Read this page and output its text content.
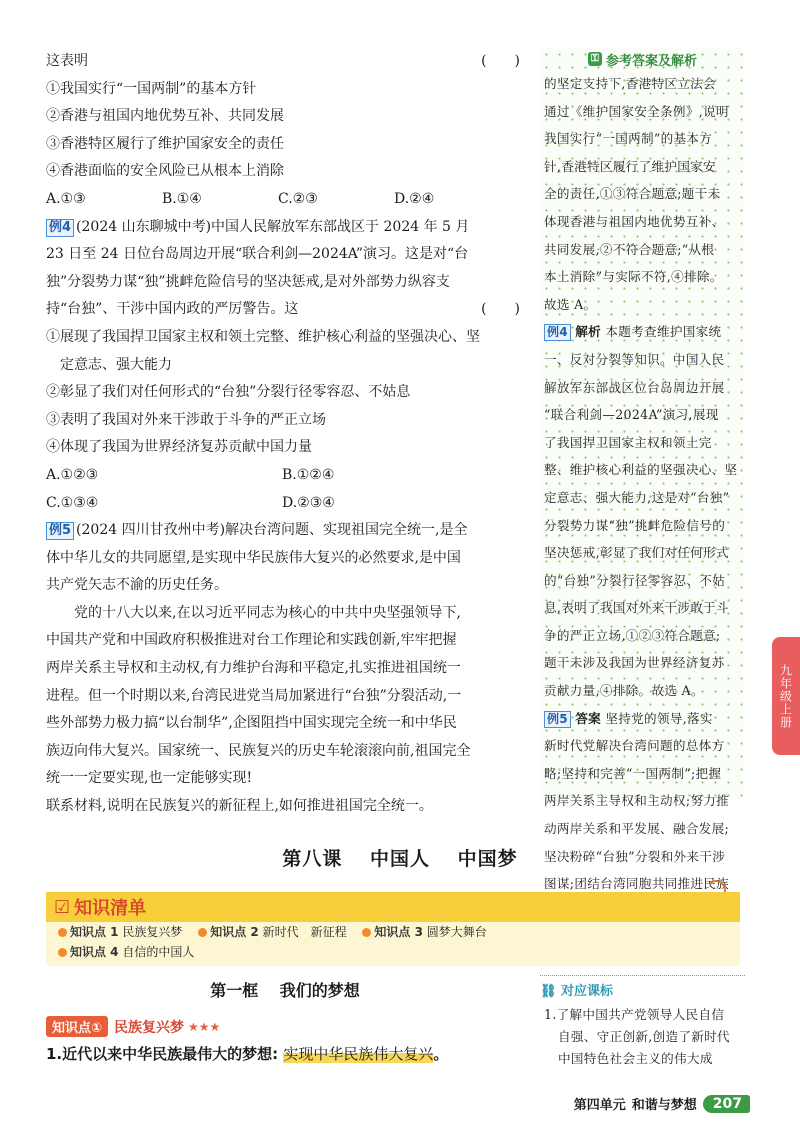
这表明	(　　)
①我国实行“一国两制”的基本方针
②香港与祖国内地优势互补、共同发展
③香港特区履行了维护国家安全的责任
④香港面临的安全风险已从根本上消除
A.①③	B.①④	C.②③	D.②④
例4 (2024 山东聊城中考)中国人民解放军东部战区于 2024 年 5 月
23 日至 24 日位台岛周边开展“联合利剑—2024A”演习。这是对“台
独”分裂势力谋“独”挑衅危险信号的坚决惩戒,是对外部势力纵容支
持“台独”、干涉中国内政的严厉警告。这	(　　)
①展现了我国捍卫国家主权和领土完整、维护核心利益的坚强决心、坚
定意志、强大能力
②彰显了我们对任何形式的“台独”分裂行径零容忍、不姑息
③表明了我国对外来干涉敢于斗争的严正立场
④体现了我国为世界经济复苏贡献中国力量
A.①②③	B.①②④
C.①③④	D.②③④
例5 (2024 四川甘孜州中考)解决台湾问题、实现祖国完全统一,是全
体中华儿女的共同愿望,是实现中华民族伟大复兴的必然要求,是中国
共产党矢志不渝的历史任务。
党的十八大以来,在以习近平同志为核心的中共中央坚强领导下,
中国共产党和中国政府积极推进对台工作理论和实践创新,牢牢把握
两岸关系主导权和主动权,有力维护台海和平稳定,扎实推进祖国统一
进程。但一个时期以来,台湾民进党当局加紧进行“台独”分裂活动,一
些外部势力极力搞“以台制华”,企图阻挡中国实现完全统一和中华民
族迈向伟大复兴。国家统一、民族复兴的历史车轮滚滚向前,祖国完全
统一一定要实现,也一定能够实现!
联系材料,说明在民族复兴的新征程上,如何推进祖国完全统一。
⚿ 参考答案及解析
的坚定支持下,香港特区立法会
通过《维护国家安全条例》,说明
我国实行“一国两制”的基本方
针,香港特区履行了维护国家安
全的责任,①③符合题意;题干未
体现香港与祖国内地优势互补、
共同发展,②不符合题意;“从根
本上消除”与实际不符,④排除。
故选 A。
例4 解析 本题考查维护国家统
一、反对分裂等知识。中国人民
解放军东部战区位台岛周边开展
“联合利剑—2024A”演习,展现
了我国捍卫国家主权和领土完
整、维护核心利益的坚强决心、坚
定意志、强大能力,这是对“台独”
分裂势力谋“独”挑衅危险信号的
坚决惩戒,彰显了我们对任何形式
的“台独”分裂行径零容忍、不姑
息,表明了我国对外来干涉敢于斗
争的严正立场,①②③符合题意;
题干未涉及我国为世界经济复苏
贡献力量,④排除。故选 A。
例5 答案 坚持党的领导,落实
新时代党解决台湾问题的总体方
略;坚持和完善“一国两制”;把握
两岸关系主导权和主动权;努力推
动两岸关系和平发展、融合发展;
坚决粉碎“台独”分裂和外来干涉
图谋;团结台湾同胞共同推进民族
九年级上册
第八课 中国人 中国梦
☑ 知识清单
知识点 1 民族复兴梦 知识点 2 新时代　新征程 知识点 3 圆梦大舞台
知识点 4 自信的中国人
第一框 我们的梦想
知识点① 民族复兴梦 ★★★
1.近代以来中华民族最伟大的梦想: 实现中华民族伟大复兴。
⛓ 对应课标
1.了解中国共产党领导人民自信
自强、守正创新,创造了新时代
中国特色社会主义的伟大成
第四单元 和谐与梦想	207
